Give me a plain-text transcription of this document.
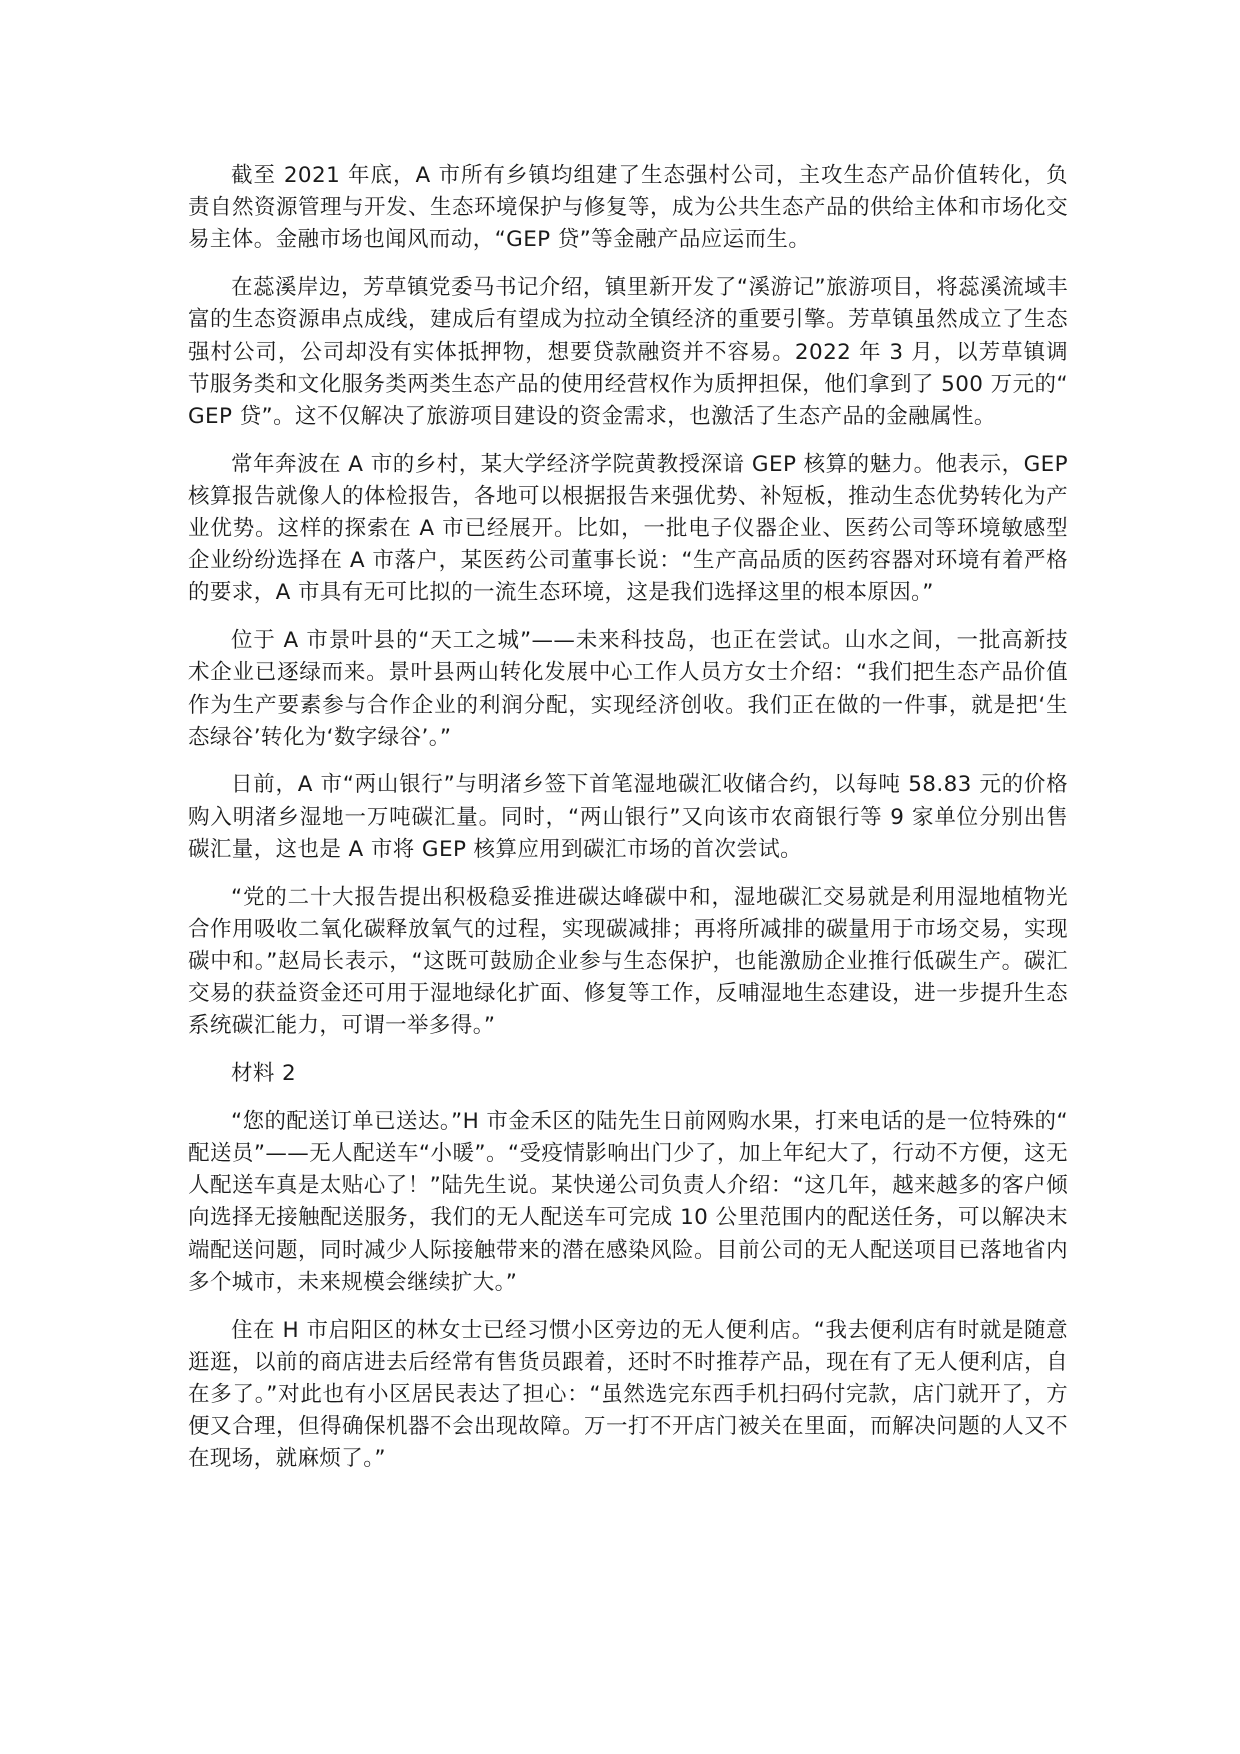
截至 2021 年底，A 市所有乡镇均组建了生态强村公司，主攻生态产品价值转化，负责自然资源管理与开发、生态环境保护与修复等，成为公共生态产品的供给主体和市场化交易主体。金融市场也闻风而动，“GEP 贷”等金融产品应运而生。

在蕊溪岸边，芳草镇党委马书记介绍，镇里新开发了“溪游记”旅游项目，将蕊溪流域丰富的生态资源串点成线，建成后有望成为拉动全镇经济的重要引擎。芳草镇虽然成立了生态强村公司，公司却没有实体抵押物，想要贷款融资并不容易。2022 年 3 月，以芳草镇调节服务类和文化服务类两类生态产品的使用经营权作为质押担保，他们拿到了 500 万元的“GEP 贷”。这不仅解决了旅游项目建设的资金需求，也激活了生态产品的金融属性。

常年奔波在 A 市的乡村，某大学经济学院黄教授深谙 GEP 核算的魅力。他表示，GEP 核算报告就像人的体检报告，各地可以根据报告来强优势、补短板，推动生态优势转化为产业优势。这样的探索在 A 市已经展开。比如，一批电子仪器企业、医药公司等环境敏感型企业纷纷选择在 A 市落户，某医药公司董事长说：“生产高品质的医药容器对环境有着严格的要求，A 市具有无可比拟的一流生态环境，这是我们选择这里的根本原因。”

位于 A 市景叶县的“天工之城”——未来科技岛，也正在尝试。山水之间，一批高新技术企业已逐绿而来。景叶县两山转化发展中心工作人员方女士介绍：“我们把生态产品价值作为生产要素参与合作企业的利润分配，实现经济创收。我们正在做的一件事，就是把‘生态绿谷’转化为‘数字绿谷’。”

日前，A 市“两山银行”与明渚乡签下首笔湿地碳汇收储合约，以每吨 58.83 元的价格购入明渚乡湿地一万吨碳汇量。同时，“两山银行”又向该市农商银行等 9 家单位分别出售碳汇量，这也是 A 市将 GEP 核算应用到碳汇市场的首次尝试。

“党的二十大报告提出积极稳妥推进碳达峰碳中和，湿地碳汇交易就是利用湿地植物光合作用吸收二氧化碳释放氧气的过程，实现碳减排；再将所减排的碳量用于市场交易，实现碳中和。”赵局长表示，“这既可鼓励企业参与生态保护，也能激励企业推行低碳生产。碳汇交易的获益资金还可用于湿地绿化扩面、修复等工作，反哺湿地生态建设，进一步提升生态系统碳汇能力，可谓一举多得。”

材料 2

“您的配送订单已送达。”H 市金禾区的陆先生日前网购水果，打来电话的是一位特殊的“配送员”——无人配送车“小暖”。“受疫情影响出门少了，加上年纪大了，行动不方便，这无人配送车真是太贴心了！”陆先生说。某快递公司负责人介绍：“这几年，越来越多的客户倾向选择无接触配送服务，我们的无人配送车可完成 10 公里范围内的配送任务，可以解决末端配送问题，同时减少人际接触带来的潜在感染风险。目前公司的无人配送项目已落地省内多个城市，未来规模会继续扩大。”

住在 H 市启阳区的林女士已经习惯小区旁边的无人便利店。“我去便利店有时就是随意逛逛，以前的商店进去后经常有售货员跟着，还时不时推荐产品，现在有了无人便利店，自在多了。”对此也有小区居民表达了担心：“虽然选完东西手机扫码付完款，店门就开了，方便又合理，但得确保机器不会出现故障。万一打不开店门被关在里面，而解决问题的人又不在现场，就麻烦了。”
